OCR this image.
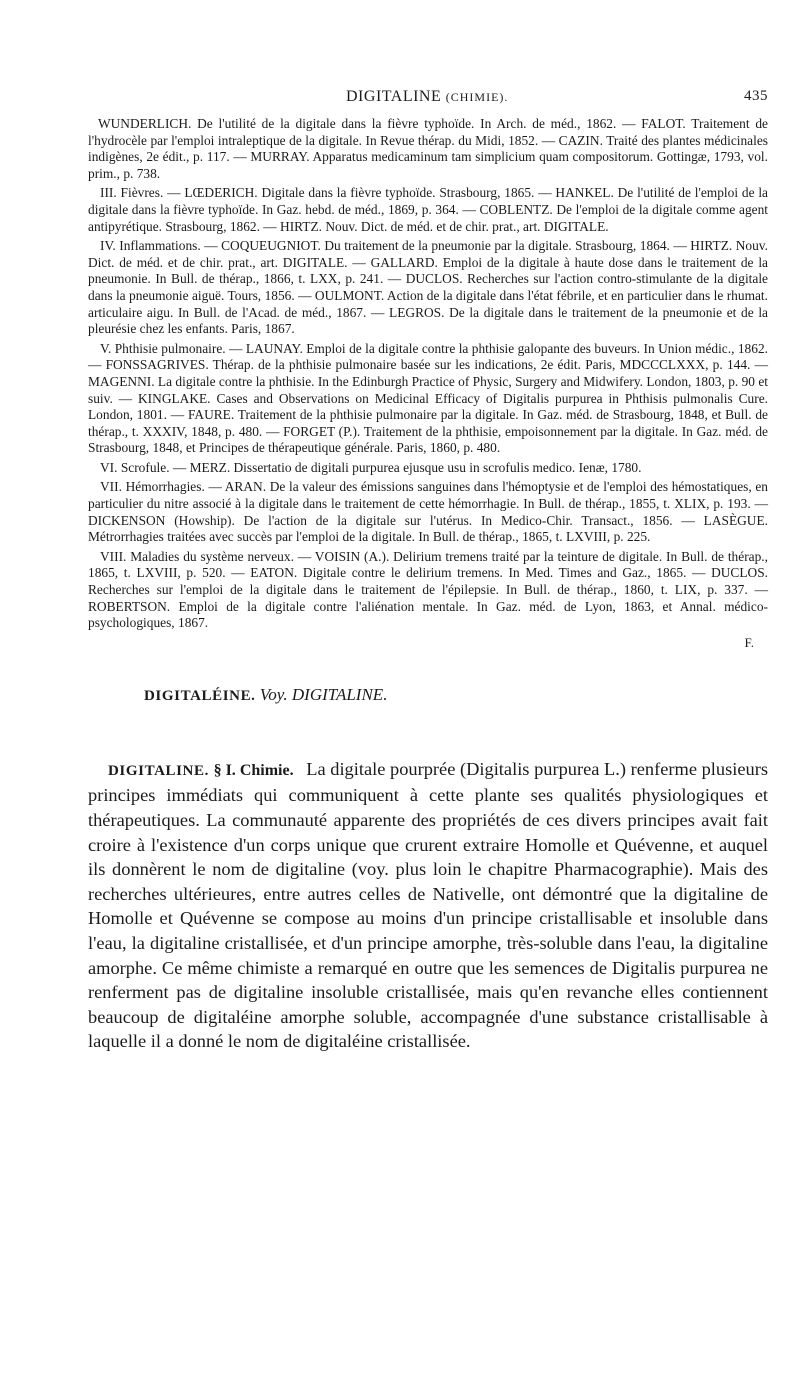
DIGITALINE (CHIMIE).	435

WUNDERLICH. De l'utilité de la digitale dans la fièvre typhoïde. In Arch. de méd., 1862. — FALOT. Traitement de l'hydrocèle par l'emploi intraleptique de la digitale. In Revue thérap. du Midi, 1852. — CAZIN. Traité des plantes médicinales indigènes, 2e édit., p. 117. — MURRAY. Apparatus medicaminum tam simplicium quam compositorum. Gottingæ, 1793, vol. prim., p. 738.

III. Fièvres. — LŒDERICH. Digitale dans la fièvre typhoïde. Strasbourg, 1865. — HANKEL. De l'utilité de l'emploi de la digitale dans la fièvre typhoïde. In Gaz. hebd. de méd., 1869, p. 364. — COBLENTZ. De l'emploi de la digitale comme agent antipyrétique. Strasbourg, 1862. — HIRTZ. Nouv. Dict. de méd. et de chir. prat., art. DIGITALE.

IV. Inflammations. — COQUEUGNIOT. Du traitement de la pneumonie par la digitale. Strasbourg, 1864. — HIRTZ. Nouv. Dict. de méd. et de chir. prat., art. DIGITALE. — GALLARD. Emploi de la digitale à haute dose dans le traitement de la pneumonie. In Bull. de thérap., 1866, t. LXX, p. 241. — DUCLOS. Recherches sur l'action contro-stimulante de la digitale dans la pneumonie aiguë. Tours, 1856. — OULMONT. Action de la digitale dans l'état fébrile, et en particulier dans le rhumat. articulaire aigu. In Bull. de l'Acad. de méd., 1867. — LEGROS. De la digitale dans le traitement de la pneumonie et de la pleurésie chez les enfants. Paris, 1867.

V. Phthisie pulmonaire. — LAUNAY. Emploi de la digitale contre la phthisie galopante des buveurs. In Union médic., 1862. — FONSSAGRIVES. Thérap. de la phthisie pulmonaire basée sur les indications, 2e édit. Paris, MDCCCLXXX, p. 144. — MAGENNI. La digitale contre la phthisie. In the Edinburgh Practice of Physic, Surgery and Midwifery. London, 1803, p. 90 et suiv. — KINGLAKE. Cases and Observations on Medicinal Efficacy of Digitalis purpurea in Phthisis pulmonalis Cure. London, 1801. — FAURE. Traitement de la phthisie pulmonaire par la digitale. In Gaz. méd. de Strasbourg, 1848, et Bull. de thérap., t. XXXIV, 1848, p. 480. — FORGET (P.). Traitement de la phthisie, empoisonnement par la digitale. In Gaz. méd. de Strasbourg, 1848, et Principes de thérapeutique générale. Paris, 1860, p. 480.

VI. Scrofule. — MERZ. Dissertatio de digitali purpurea ejusque usu in scrofulis medico. Ienæ, 1780.

VII. Hémorrhagies. — ARAN. De la valeur des émissions sanguines dans l'hémoptysie et de l'emploi des hémostatiques, en particulier du nitre associé à la digitale dans le traitement de cette hémorrhagie. In Bull. de thérap., 1855, t. XLIX, p. 193. — DICKENSON (Howship). De l'action de la digitale sur l'utérus. In Medico-Chir. Transact., 1856. — LASÈGUE. Métrorrhagies traitées avec succès par l'emploi de la digitale. In Bull. de thérap., 1865, t. LXVIII, p. 225.

VIII. Maladies du système nerveux. — VOISIN (A.). Delirium tremens traité par la teinture de digitale. In Bull. de thérap., 1865, t. LXVIII, p. 520. — EATON. Digitale contre le delirium tremens. In Med. Times and Gaz., 1865. — DUCLOS. Recherches sur l'emploi de la digitale dans le traitement de l'épilepsie. In Bull. de thérap., 1860, t. LIX, p. 337. — ROBERTSON. Emploi de la digitale contre l'aliénation mentale. In Gaz. méd. de Lyon, 1863, et Annal. médico-psychologiques, 1867.

F.
DIGITALÉINE. Voy. DIGITALINE.
DIGITALINE. § I. Chimie. La digitale pourprée (Digitalis purpurea L.) renferme plusieurs principes immédiats qui communiquent à cette plante ses qualités physiologiques et thérapeutiques. La communauté apparente des propriétés de ces divers principes avait fait croire à l'existence d'un corps unique que crurent extraire Homolle et Quévenne, et auquel ils donnèrent le nom de digitaline (voy. plus loin le chapitre Pharmacographie). Mais des recherches ultérieures, entre autres celles de Nativelle, ont démontré que la digitaline de Homolle et Quévenne se compose au moins d'un principe cristallisable et insoluble dans l'eau, la digitaline cristallisée, et d'un principe amorphe, très-soluble dans l'eau, la digitaline amorphe. Ce même chimiste a remarqué en outre que les semences de Digitalis purpurea ne renferment pas de digitaline insoluble cristallisée, mais qu'en revanche elles contiennent beaucoup de digitaléine amorphe soluble, accompagnée d'une substance cristallisable à laquelle il a donné le nom de digitaléine cristallisée.
